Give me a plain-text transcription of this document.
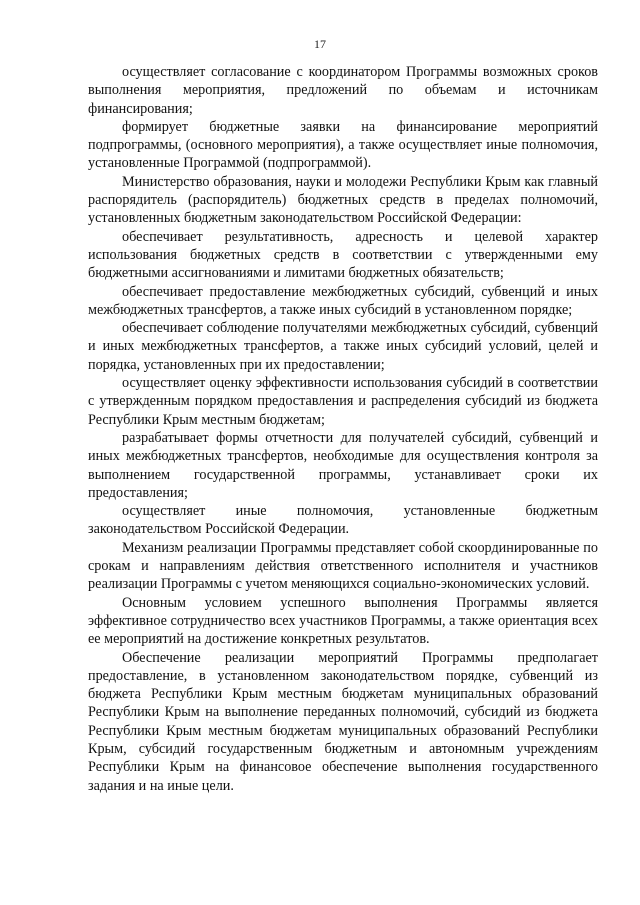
17

осуществляет согласование с координатором Программы возможных сроков выполнения мероприятия, предложений по объемам и источникам финансирования;

формирует бюджетные заявки на финансирование мероприятий подпрограммы, (основного мероприятия), а также осуществляет иные полномочия, установленные Программой (подпрограммой).

Министерство образования, науки и молодежи Республики Крым как главный распорядитель (распорядитель) бюджетных средств в пределах полномочий, установленных бюджетным законодательством Российской Федерации:

обеспечивает результативность, адресность и целевой характер использования бюджетных средств в соответствии с утвержденными ему бюджетными ассигнованиями и лимитами бюджетных обязательств;

обеспечивает предоставление межбюджетных субсидий, субвенций и иных межбюджетных трансфертов, а также иных субсидий в установленном порядке;

обеспечивает соблюдение получателями межбюджетных субсидий, субвенций и иных межбюджетных трансфертов, а также иных субсидий условий, целей и порядка, установленных при их предоставлении;

осуществляет оценку эффективности использования субсидий в соответствии с утвержденным порядком предоставления и распределения субсидий из бюджета Республики Крым местным бюджетам;

разрабатывает формы отчетности для получателей субсидий, субвенций и иных межбюджетных трансфертов, необходимые для осуществления контроля за выполнением государственной программы, устанавливает сроки их предоставления;

осуществляет иные полномочия, установленные бюджетным законодательством Российской Федерации.

Механизм реализации Программы представляет собой скоординированные по срокам и направлениям действия ответственного исполнителя и участников реализации Программы с учетом меняющихся социально-экономических условий.

Основным условием успешного выполнения Программы является эффективное сотрудничество всех участников Программы, а также ориентация всех ее мероприятий на достижение конкретных результатов.

Обеспечение реализации мероприятий Программы предполагает предоставление, в установленном законодательством порядке, субвенций из бюджета Республики Крым местным бюджетам муниципальных образований Республики Крым на выполнение переданных полномочий, субсидий из бюджета Республики Крым местным бюджетам муниципальных образований Республики Крым, субсидий государственным бюджетным и автономным учреждениям Республики Крым на финансовое обеспечение выполнения государственного задания и на иные цели.
